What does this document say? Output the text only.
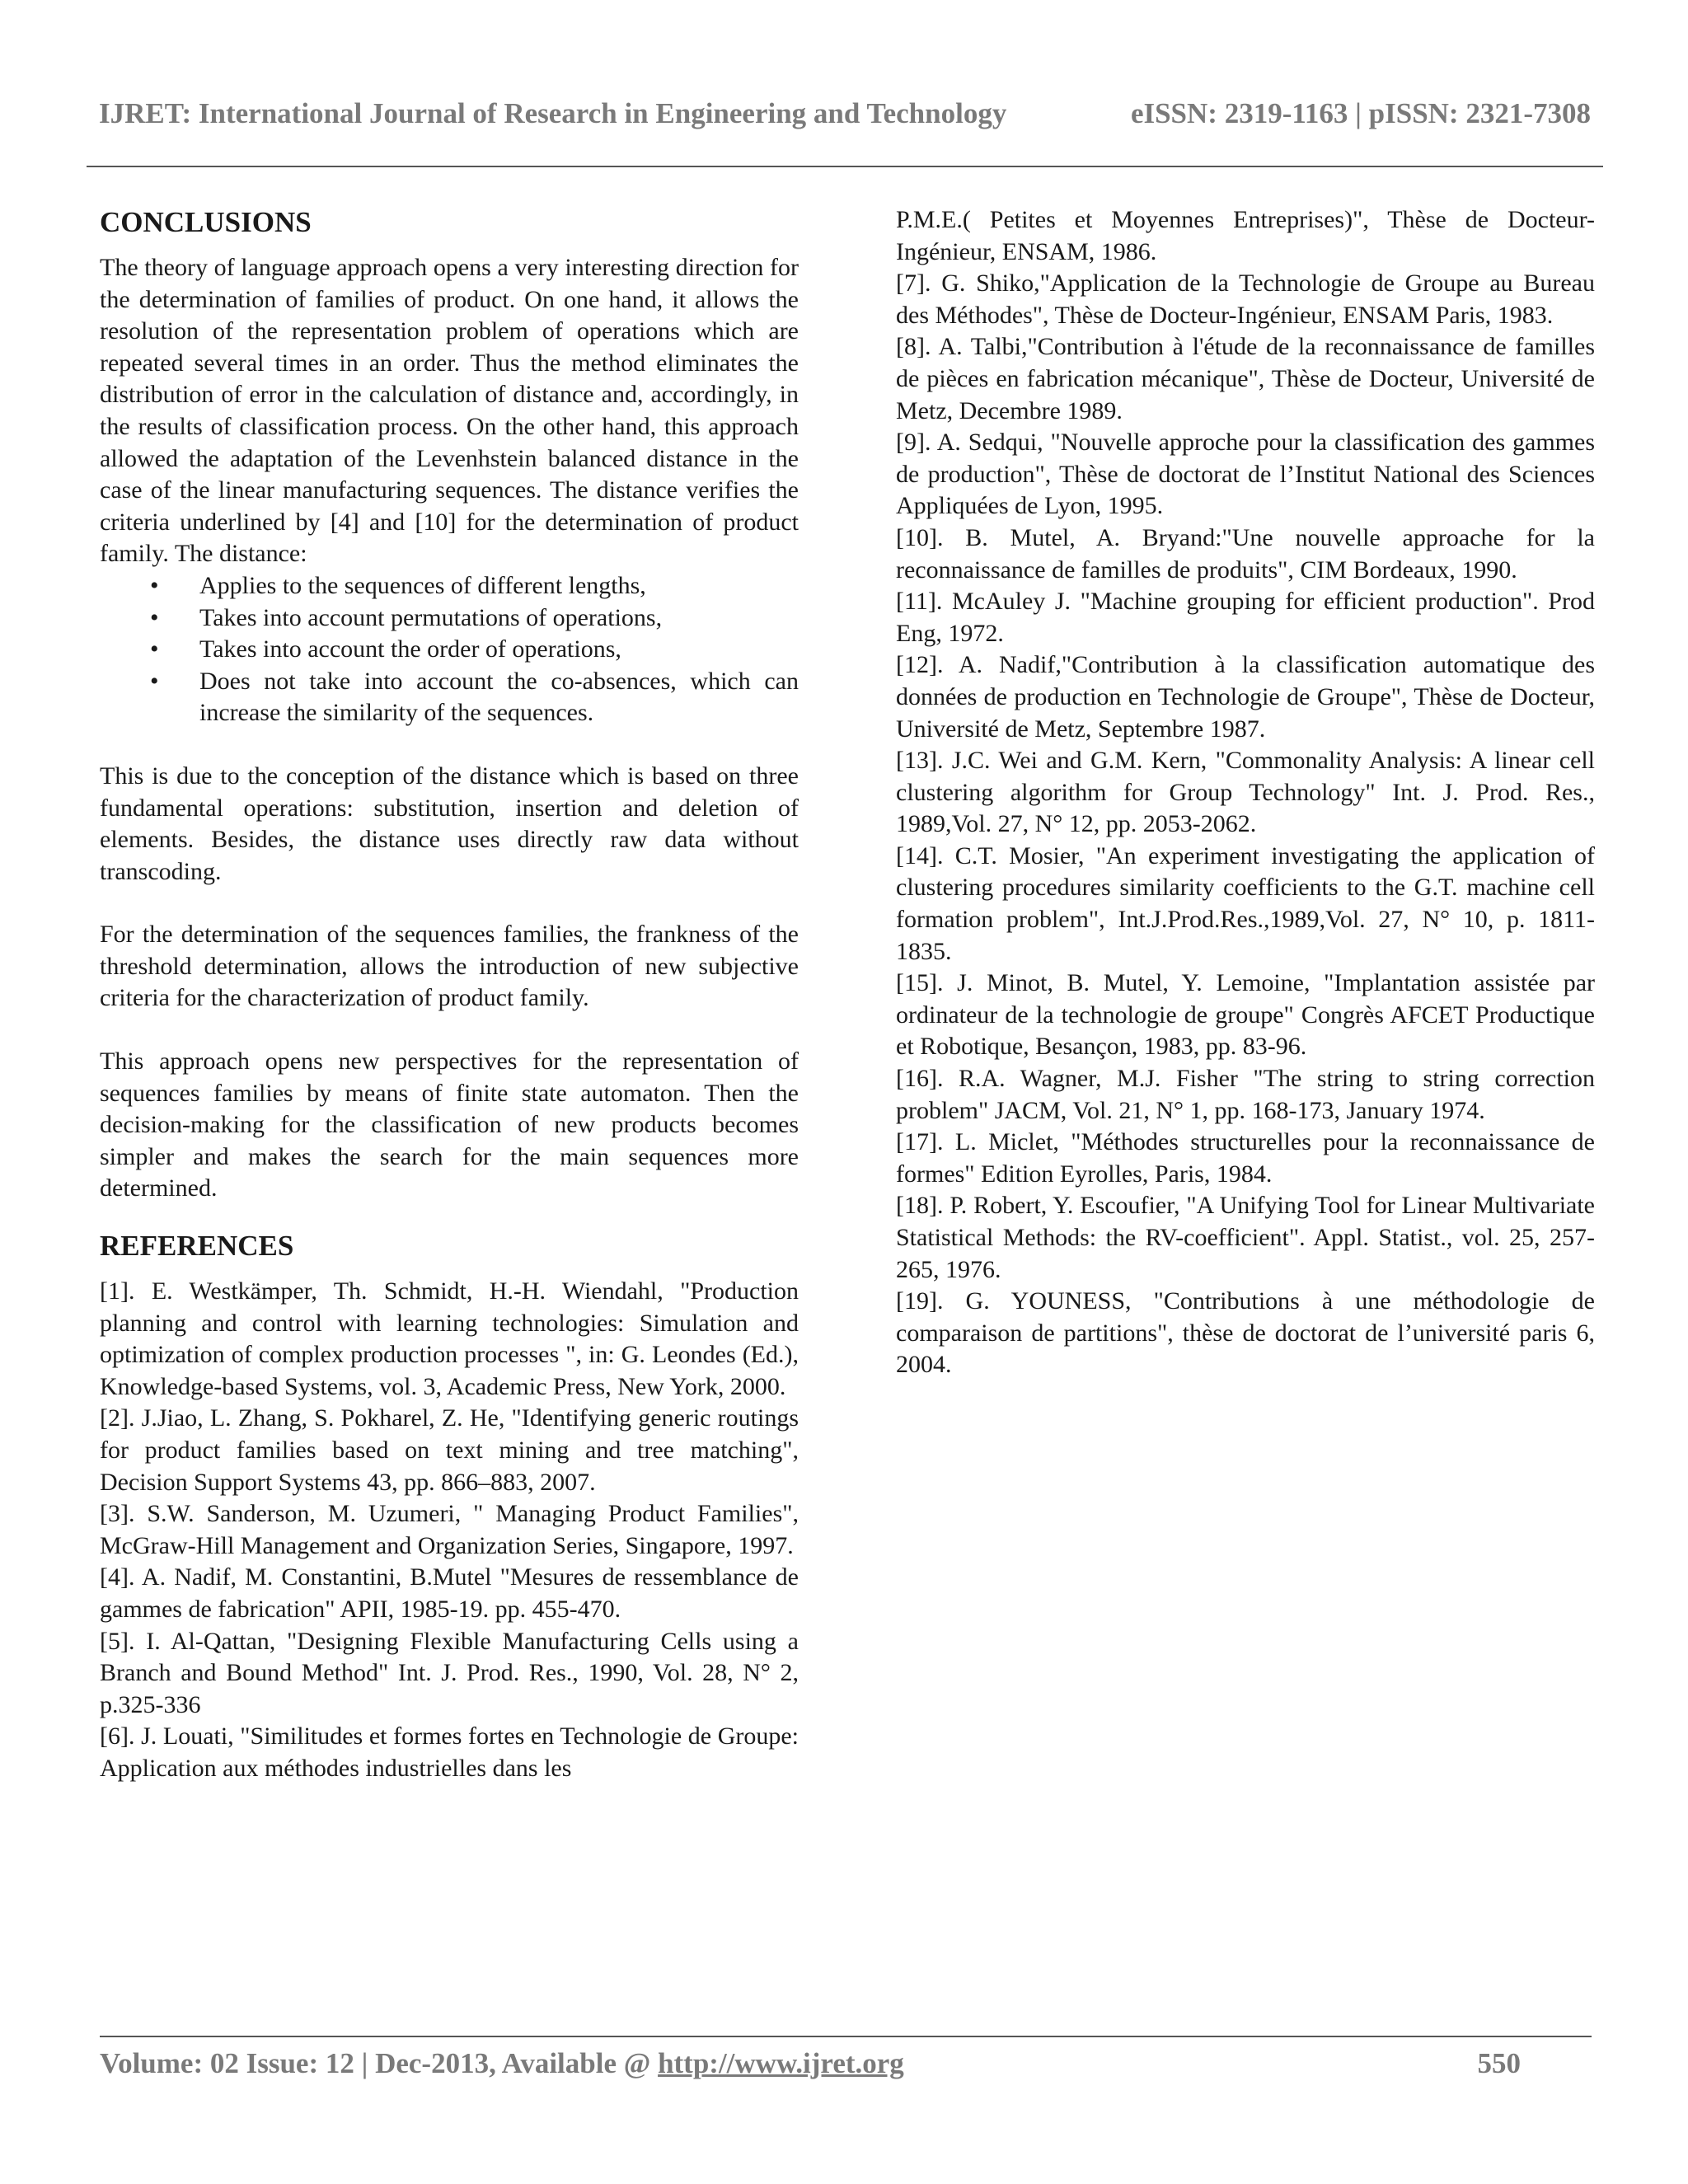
IJRET: International Journal of Research in Engineering and Technology	eISSN: 2319-1163 | pISSN: 2321-7308
CONCLUSIONS

The theory of language approach opens a very interesting direction for the determination of families of product. On one hand, it allows the resolution of the representation problem of operations which are repeated several times in an order. Thus the method eliminates the distribution of error in the calculation of distance and, accordingly, in the results of classification process. On the other hand, this approach allowed the adaptation of the Levenhstein balanced distance in the case of the linear manufacturing sequences. The distance verifies the criteria underlined by [4] and [10] for the determination of product family. The distance:

• Applies to the sequences of different lengths,
• Takes into account permutations of operations,
• Takes into account the order of operations,
• Does not take into account the co-absences, which can increase the similarity of the sequences.

This is due to the conception of the distance which is based on three fundamental operations: substitution, insertion and deletion of elements. Besides, the distance uses directly raw data without transcoding.

For the determination of the sequences families, the frankness of the threshold determination, allows the introduction of new subjective criteria for the characterization of product family.

This approach opens new perspectives for the representation of sequences families by means of finite state automaton. Then the decision-making for the classification of new products becomes simpler and makes the search for the main sequences more determined.

REFERENCES

[1]. E. Westkämper, Th. Schmidt, H.-H. Wiendahl, "Production planning and control with learning technologies: Simulation and optimization of complex production processes ", in: G. Leondes (Ed.), Knowledge-based Systems, vol. 3, Academic Press, New York, 2000.

[2]. J.Jiao, L. Zhang, S. Pokharel, Z. He, "Identifying generic routings for product families based on text mining and tree matching", Decision Support Systems 43, pp. 866–883, 2007.

[3]. S.W. Sanderson, M. Uzumeri, " Managing Product Families", McGraw-Hill Management and Organization Series, Singapore, 1997.

[4]. A. Nadif, M. Constantini, B.Mutel "Mesures de ressemblance de gammes de fabrication" APII, 1985-19. pp. 455-470.

[5]. I. Al-Qattan, "Designing Flexible Manufacturing Cells using a Branch and Bound Method" Int. J. Prod. Res., 1990, Vol. 28, N° 2, p.325-336

[6]. J. Louati, "Similitudes et formes fortes en Technologie de Groupe: Application aux méthodes industrielles dans les

P.M.E.( Petites et Moyennes Entreprises)", Thèse de Docteur-Ingénieur, ENSAM, 1986.

[7]. G. Shiko,"Application de la Technologie de Groupe au Bureau des Méthodes", Thèse de Docteur-Ingénieur, ENSAM Paris, 1983.

[8]. A. Talbi,"Contribution à l'étude de la reconnaissance de familles de pièces en fabrication mécanique", Thèse de Docteur, Université de Metz, Decembre 1989.

[9]. A. Sedqui, "Nouvelle approche pour la classification des gammes de production", Thèse de doctorat de l’Institut National des Sciences Appliquées de Lyon, 1995.

[10]. B. Mutel, A. Bryand:"Une nouvelle approache for la reconnaissance de familles de produits", CIM Bordeaux, 1990.

[11]. McAuley J. "Machine grouping for efficient production". Prod Eng, 1972.

[12]. A. Nadif,"Contribution à la classification automatique des données de production en Technologie de Groupe", Thèse de Docteur, Université de Metz, Septembre 1987.

[13]. J.C. Wei and G.M. Kern, "Commonality Analysis: A linear cell clustering algorithm for Group Technology" Int. J. Prod. Res., 1989,Vol. 27, N° 12, pp. 2053-2062.

[14]. C.T. Mosier, "An experiment investigating the application of clustering procedures similarity coefficients to the G.T. machine cell formation problem", Int.J.Prod.Res.,1989,Vol. 27, N° 10, p. 1811-1835.

[15]. J. Minot, B. Mutel, Y. Lemoine, "Implantation assistée par ordinateur de la technologie de groupe" Congrès AFCET Productique et Robotique, Besançon, 1983, pp. 83-96.

[16]. R.A. Wagner, M.J. Fisher "The string to string correction problem" JACM, Vol. 21, N° 1, pp. 168-173, January 1974.

[17]. L. Miclet, "Méthodes structurelles pour la reconnaissance de formes" Edition Eyrolles, Paris, 1984.

[18]. P. Robert, Y. Escoufier, "A Unifying Tool for Linear Multivariate Statistical Methods: the RV-coefficient". Appl. Statist., vol. 25, 257-265, 1976.

[19]. G. YOUNESS, "Contributions à une méthodologie de comparaison de partitions", thèse de doctorat de l’université paris 6, 2004.

Volume: 02 Issue: 12 | Dec-2013, Available @ http://www.ijret.org	550
